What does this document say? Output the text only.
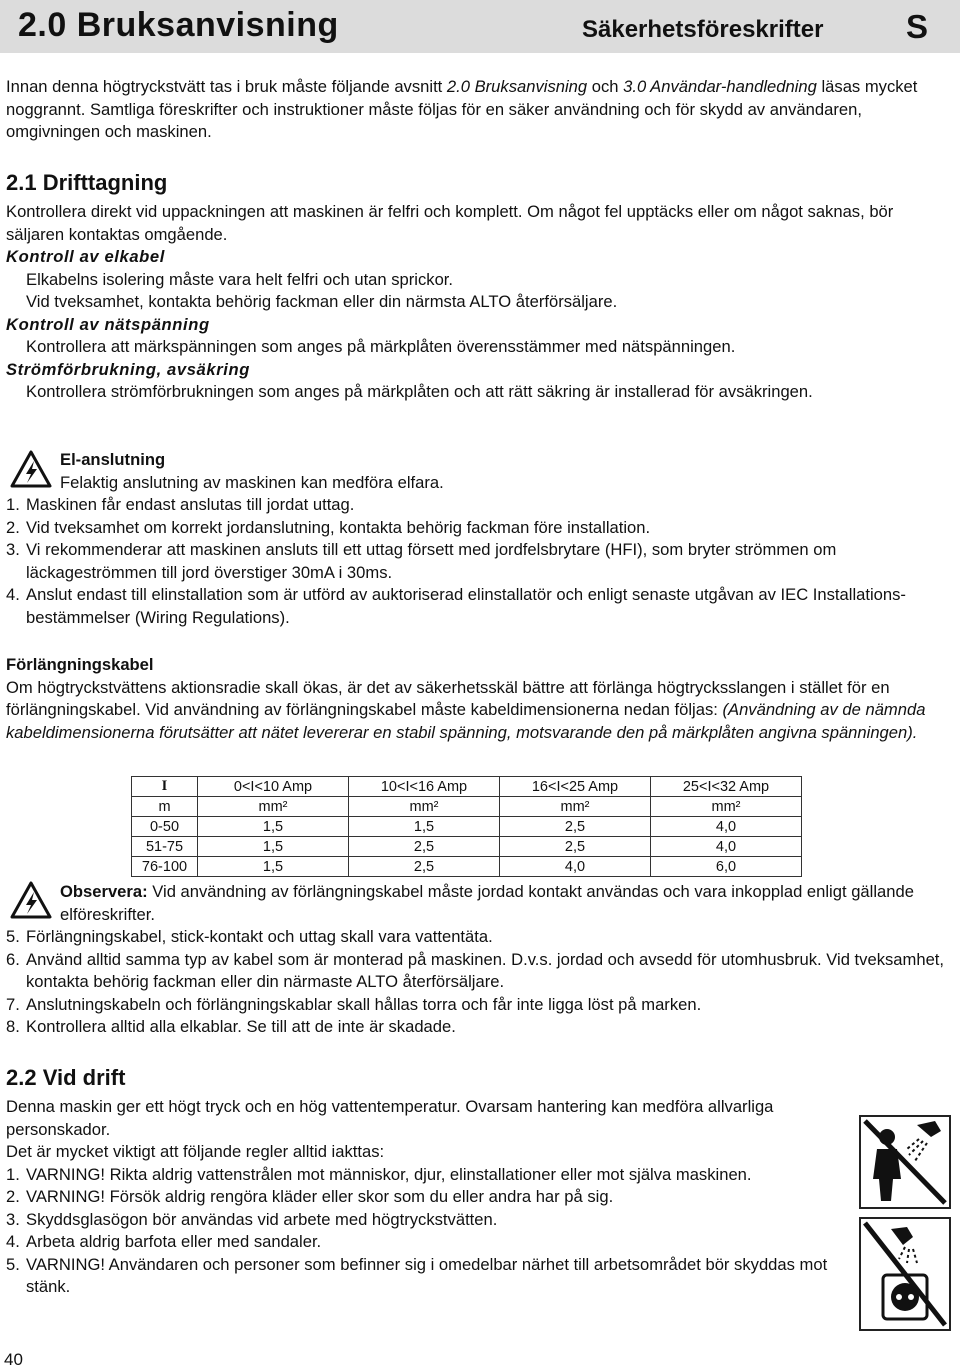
2.0 Bruksanvisning	Säkerhetsföreskrifter	S
Innan denna högtryckstvätt tas i bruk måste följande avsnitt 2.0 Bruksanvisning och 3.0 Användar-handledning läsas mycket noggrannt. Samtliga föreskrifter och instruktioner måste följas för en säker användning och för skydd av användaren, omgivningen och maskinen.
2.1 Drifttagning
Kontrollera direkt vid uppackningen att maskinen är felfri och komplett. Om något fel upptäcks eller om något saknas, bör säljaren kontaktas omgående.
Kontroll av elkabel
Elkabelns isolering måste vara helt felfri och utan sprickor.
Vid tveksamhet, kontakta behörig fackman eller din närmsta ALTO återförsäljare.
Kontroll av nätspänning
Kontrollera att märkspänningen som anges på märkplåten överensstämmer med nätspänningen.
Strömförbrukning, avsäkring
Kontrollera strömförbrukningen som anges på märkplåten och att rätt säkring är installerad för avsäkringen.
El-anslutning
Felaktig anslutning av maskinen kan medföra elfara.
1. Maskinen får endast anslutas till jordat uttag.
2. Vid tveksamhet om korrekt jordanslutning, kontakta behörig fackman före installation.
3. Vi rekommenderar att maskinen ansluts till ett uttag försett med jordfelsbrytare (HFI), som bryter strömmen om läckageströmmen till jord överstiger 30mA i 30ms.
4. Anslut endast till elinstallation som är utförd av auktoriserad elinstallatör och enligt senaste utgåvan av IEC Installations-bestämmelser (Wiring Regulations).
Förlängningskabel
Om högtryckstvättens aktionsradie skall ökas, är det av säkerhetsskäl bättre att förlänga högtrycksslangen i stället för en förlängningskabel. Vid användning av förlängningskabel måste kabeldimensionerna nedan följas: (Användning av de nämnda kabeldimensionerna förutsätter att nätet levererar en stabil spänning, motsvarande den på märkplåten angivna spänningen).
I	0<I<10 Amp	10<I<16 Amp	16<I<25 Amp	25<I<32 Amp
m	mm²	mm²	mm²	mm²
0-50	1,5	1,5	2,5	4,0
51-75	1,5	2,5	2,5	4,0
76-100	1,5	2,5	4,0	6,0
Observera: Vid användning av förlängningskabel måste jordad kontakt användas och vara inkopplad enligt gällande elföreskrifter.
5. Förlängningskabel, stick-kontakt och uttag skall vara vattentäta.
6. Använd alltid samma typ av kabel som är monterad på maskinen. D.v.s. jordad och avsedd för utomhusbruk. Vid tveksamhet, kontakta behörig fackman eller din närmaste ALTO återförsäljare.
7. Anslutningskabeln och förlängningskablar skall hållas torra och får inte ligga löst på marken.
8. Kontrollera alltid alla elkablar. Se till att de inte är skadade.
2.2 Vid drift
Denna maskin ger ett högt tryck och en hög vattentemperatur. Ovarsam hantering kan medföra allvarliga personskador.
Det är mycket viktigt att följande regler alltid iakttas:
1. VARNING! Rikta aldrig vattenstrålen mot människor, djur, elinstallationer eller mot själva maskinen.
2. VARNING! Försök aldrig rengöra kläder eller skor som du eller andra har på sig.
3. Skyddsglasögon bör användas vid arbete med högtryckstvätten.
4. Arbeta aldrig barfota eller med sandaler.
5. VARNING! Användaren och personer som befinner sig i omedelbar närhet till arbetsområdet bör skyddas mot stänk.
40
